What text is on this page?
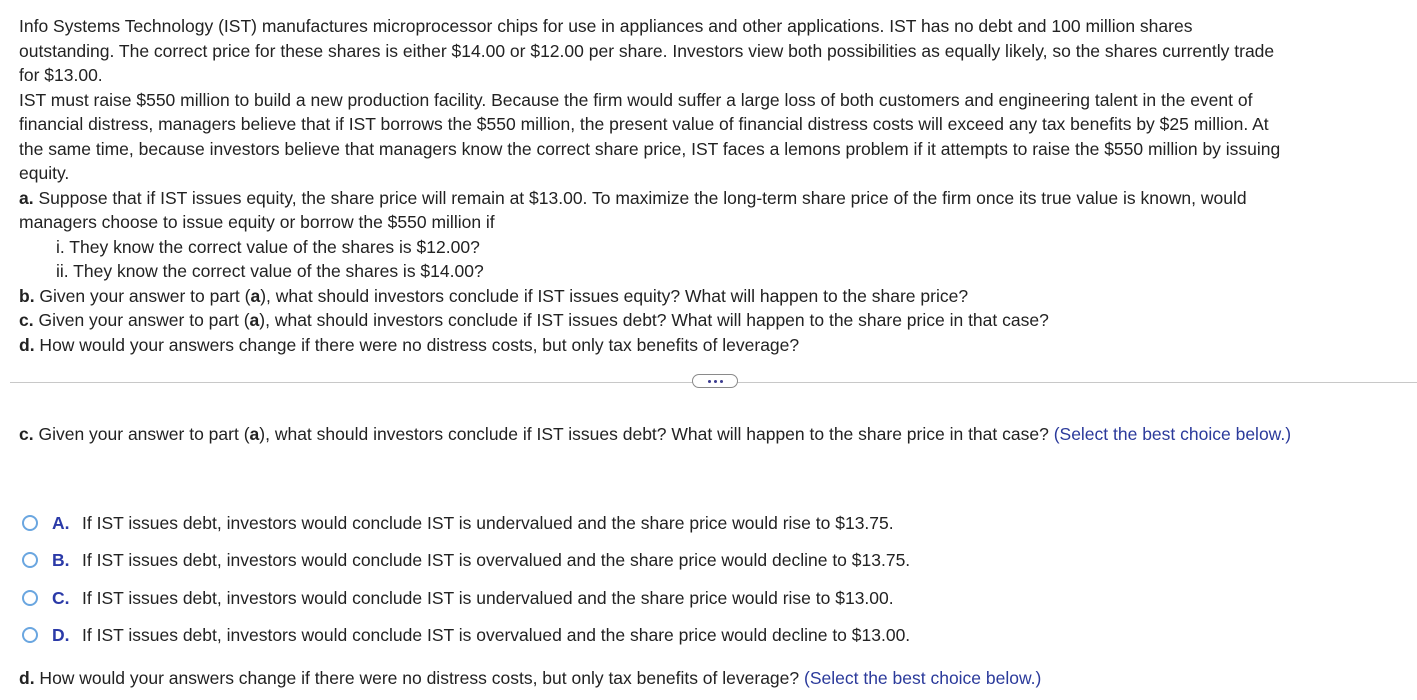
Info Systems Technology (IST) manufactures microprocessor chips for use in appliances and other applications. IST has no debt and 100 million shares
outstanding. The correct price for these shares is either $14.00 or $12.00 per share. Investors view both possibilities as equally likely, so the shares currently trade
for $13.00.
IST must raise $550 million to build a new production facility. Because the firm would suffer a large loss of both customers and engineering talent in the event of
financial distress, managers believe that if IST borrows the $550 million, the present value of financial distress costs will exceed any tax benefits by $25 million. At
the same time, because investors believe that managers know the correct share price, IST faces a lemons problem if it attempts to raise the $550 million by issuing
equity.
a. Suppose that if IST issues equity, the share price will remain at $13.00. To maximize the long-term share price of the firm once its true value is known, would
managers choose to issue equity or borrow the $550 million if
i. They know the correct value of the shares is $12.00?
ii. They know the correct value of the shares is $14.00?
b. Given your answer to part (a), what should investors conclude if IST issues equity? What will happen to the share price?
c. Given your answer to part (a), what should investors conclude if IST issues debt? What will happen to the share price in that case?
d. How would your answers change if there were no distress costs, but only tax benefits of leverage?
c. Given your answer to part (a), what should investors conclude if IST issues debt? What will happen to the share price in that case? (Select the best choice below.)
A. If IST issues debt, investors would conclude IST is undervalued and the share price would rise to $13.75.
B. If IST issues debt, investors would conclude IST is overvalued and the share price would decline to $13.75.
C. If IST issues debt, investors would conclude IST is undervalued and the share price would rise to $13.00.
D. If IST issues debt, investors would conclude IST is overvalued and the share price would decline to $13.00.
d. How would your answers change if there were no distress costs, but only tax benefits of leverage? (Select the best choice below.)
